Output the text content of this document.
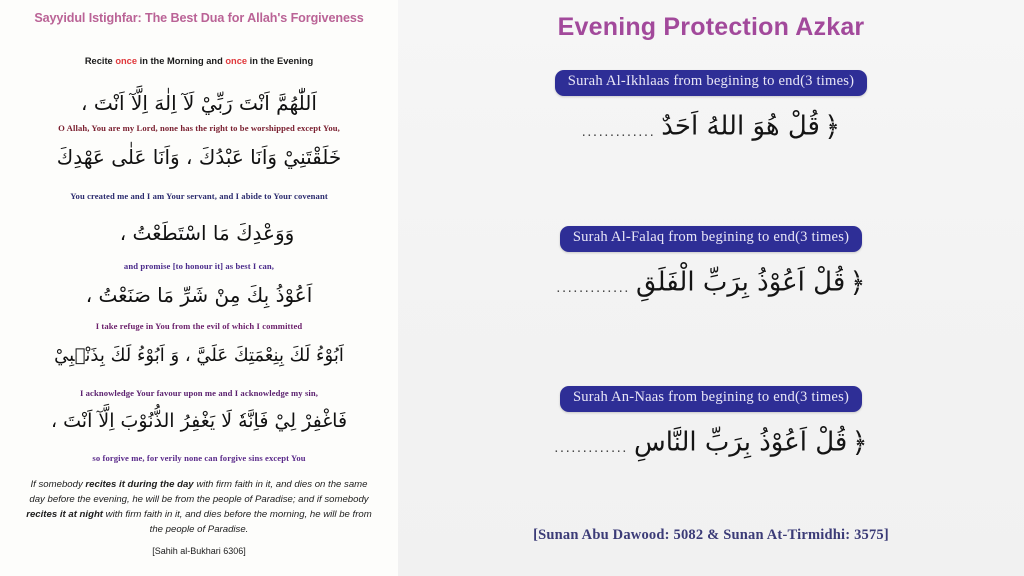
Sayyidul Istighfar: The Best Dua for Allah's Forgiveness
Recite once in the Morning and once in the Evening
اَللّٰهُمَّ اَنْتَ رَبِّيْ لَآ اِلٰهَ اِلَّآ اَنْتَ ،
O Allah, You are my Lord, none has the right to be worshipped except You,
خَلَقْتَنِيْ وَاَنَا عَبْدُكَ ، وَاَنَا عَلٰى عَهْدِكَ
You created me and I am Your servant, and I abide to Your covenant
وَوَعْدِكَ مَا اسْتَطَعْتُ ،
and promise [to honour it] as best I can,
اَعُوْذُ بِكَ مِنْ شَرِّ مَا صَنَعْتُ ،
I take refuge in You from the evil of which I committed
اَبُوْءُ لَكَ بِنِعْمَتِكَ عَلَيَّ ، وَ اَبُوْءُ لَكَ بِذَنْۢبِيْ
I acknowledge Your favour upon me and I acknowledge my sin,
فَاغْفِرْ لِيْ فَاِنَّهٗ لَا يَغْفِرُ الذُّنُوْبَ اِلَّآ اَنْتَ ،
so forgive me, for verily none can forgive sins except You
If somebody recites it during the day with firm faith in it, and dies on the same day before the evening, he will be from the people of Paradise; and if somebody recites it at night with firm faith in it, and dies before the morning, he will be from the people of Paradise.
[Sahih al-Bukhari 6306]
Evening Protection Azkar
Surah Al-Ikhlaas from begining to end(3 times)
﴿قُلْ هُوَ اللهُ اَحَدٌ.............
Surah Al-Falaq from begining to end(3 times)
﴿قُلْ اَعُوْذُ بِرَبِّ الْفَلَقِ.............
Surah An-Naas from begining to end(3 times)
﴿قُلْ اَعُوْذُ بِرَبِّ النَّاسِ.............
[Sunan Abu Dawood: 5082 & Sunan At-Tirmidhi: 3575]
